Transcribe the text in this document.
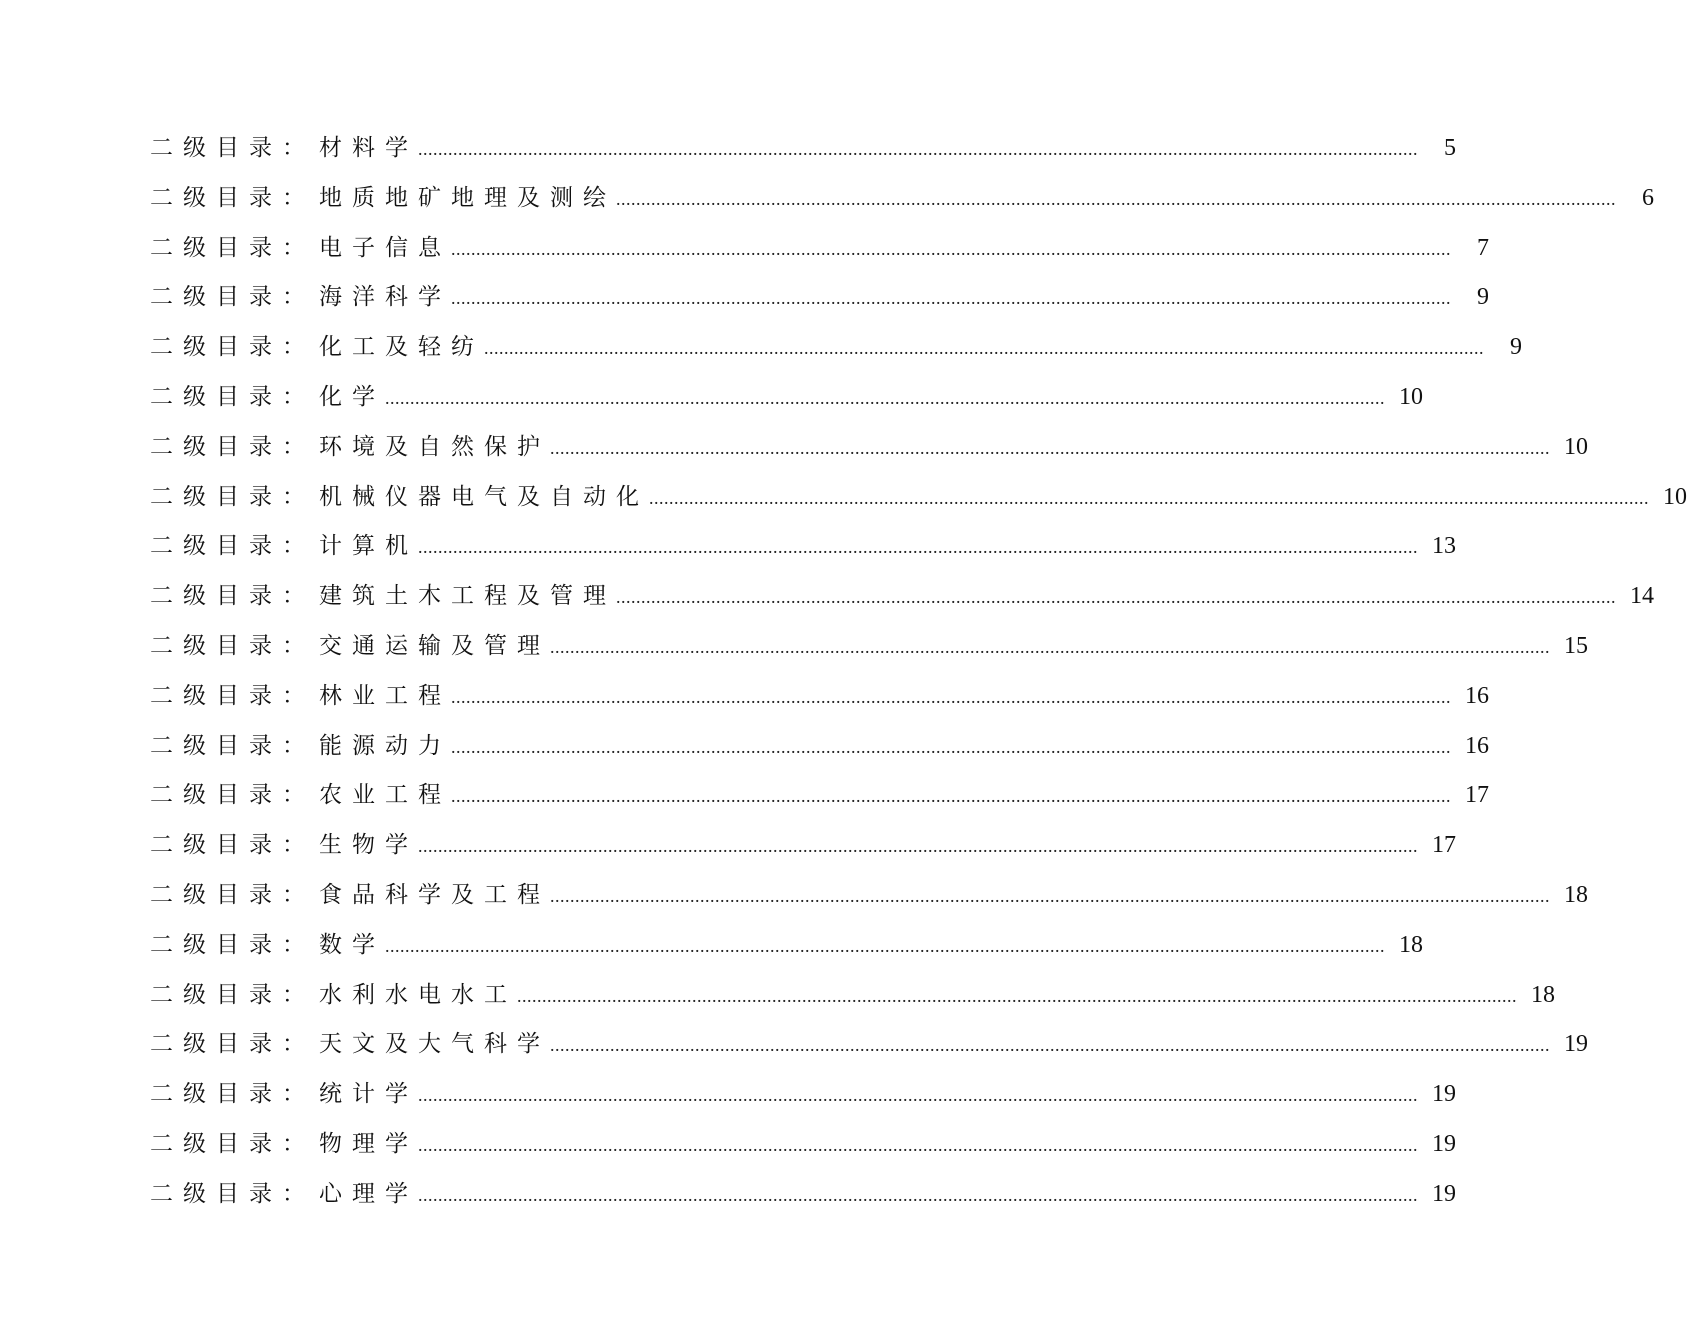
二级目录： 材料学 ........................................................................................................................................................................................................	5
二级目录： 地质地矿地理及测绘 ........................................................................................................................................................................................................	6
二级目录： 电子信息 ........................................................................................................................................................................................................	7
二级目录： 海洋科学 ........................................................................................................................................................................................................	9
二级目录： 化工及轻纺 ........................................................................................................................................................................................................	9
二级目录： 化学 ........................................................................................................................................................................................................ 10
二级目录： 环境及自然保护 ........................................................................................................................................................................................................ 10
二级目录： 机械仪器电气及自动化 ........................................................................................................................................................................................................ 10
二级目录： 计算机 ........................................................................................................................................................................................................ 13
二级目录： 建筑土木工程及管理 ........................................................................................................................................................................................................ 14
二级目录： 交通运输及管理 ........................................................................................................................................................................................................ 15
二级目录： 林业工程 ........................................................................................................................................................................................................ 16
二级目录： 能源动力 ........................................................................................................................................................................................................ 16
二级目录： 农业工程 ........................................................................................................................................................................................................ 17
二级目录： 生物学 ........................................................................................................................................................................................................ 17
二级目录： 食品科学及工程 ........................................................................................................................................................................................................ 18
二级目录： 数学 ........................................................................................................................................................................................................ 18
二级目录： 水利水电水工 ........................................................................................................................................................................................................ 18
二级目录： 天文及大气科学 ........................................................................................................................................................................................................ 19
二级目录： 统计学 ........................................................................................................................................................................................................ 19
二级目录： 物理学 ........................................................................................................................................................................................................ 19
二级目录： 心理学 ........................................................................................................................................................................................................ 19
